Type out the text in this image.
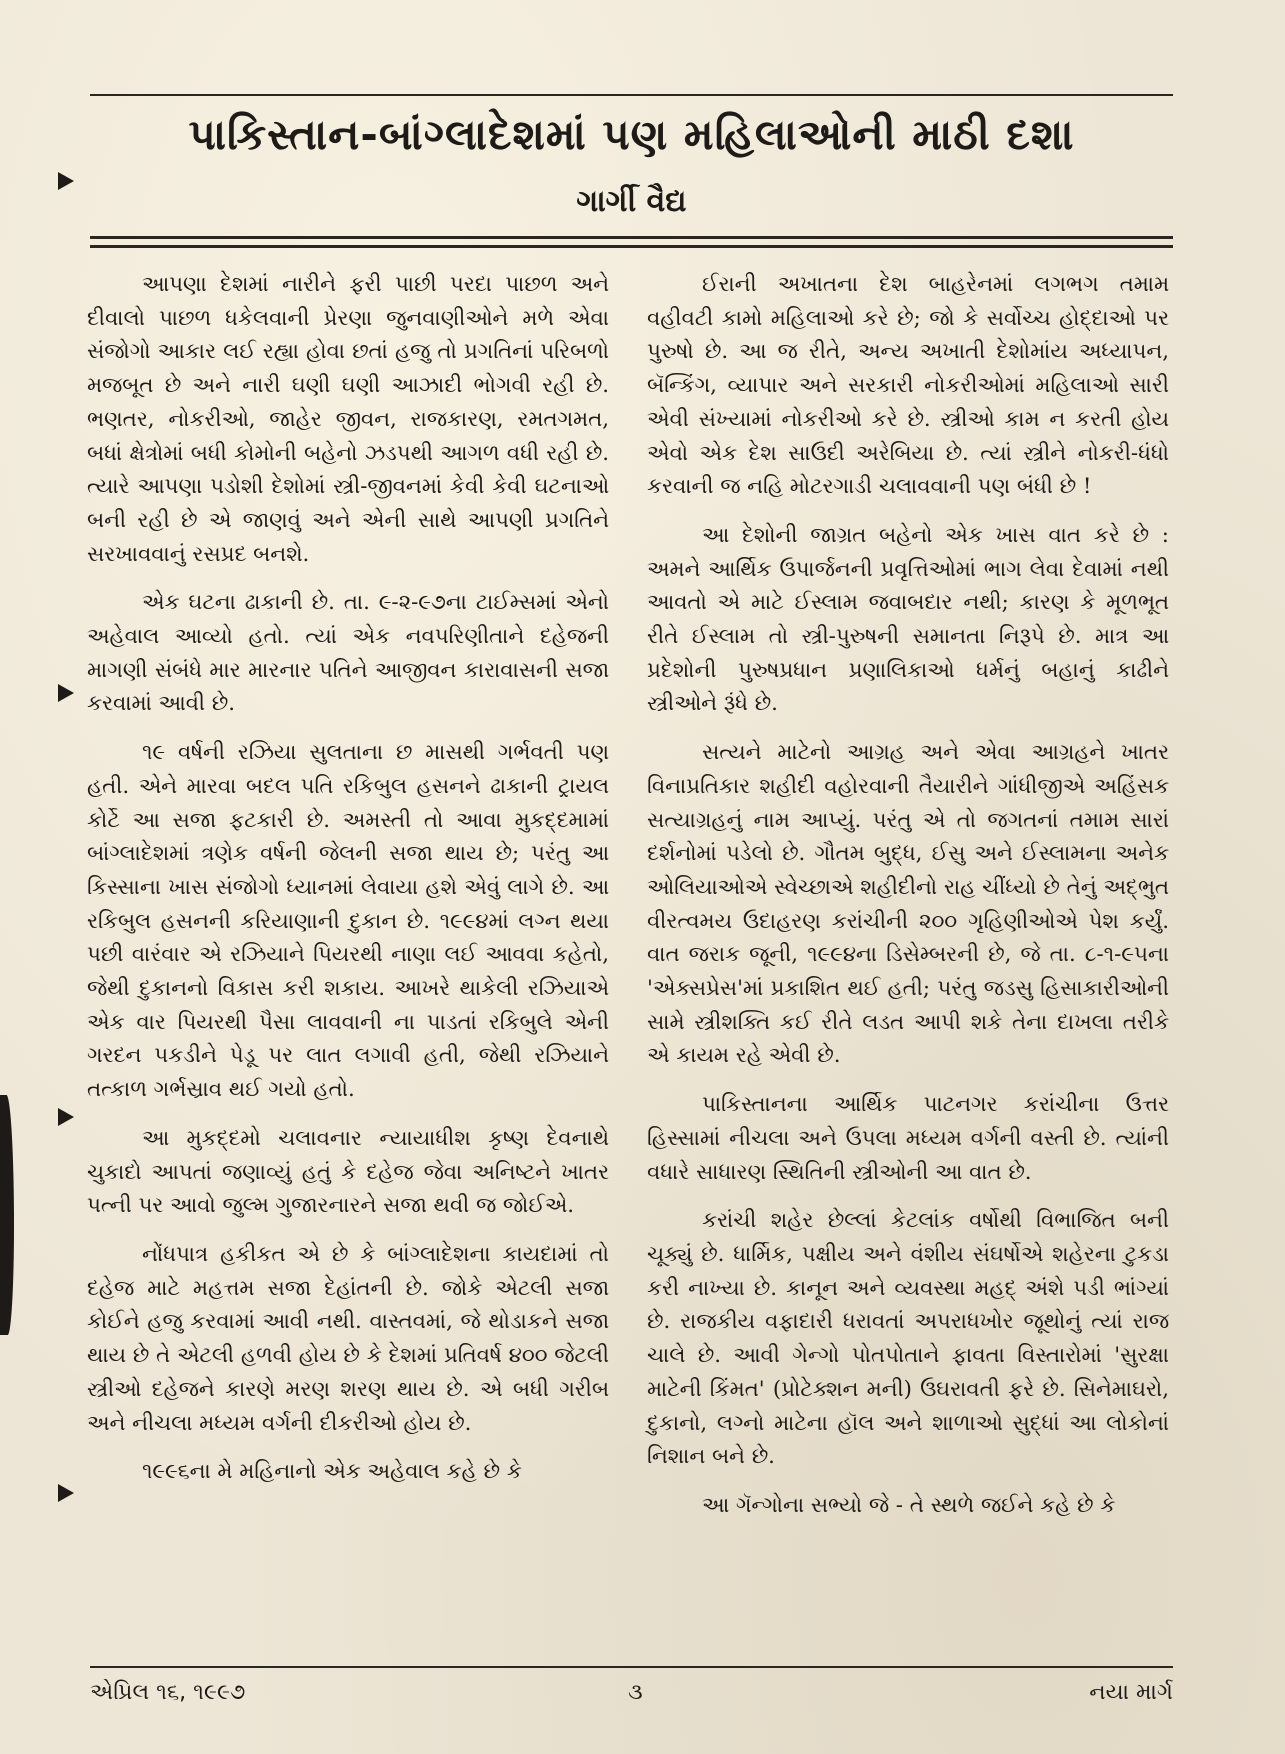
પાકિસ્તાન-બાંગ્લાદેશમાં પણ મહિલાઓની માઠી દશા
ગાર્ગી વૈદ્ય

આપણા દેશમાં નારીને ફરી પાછી પરદા પાછળ અને દીવાલો પાછળ ધકેલવાની પ્રેરણા જુનવાણીઓને મળે એવા સંજોગો આકાર લઈ રહ્યા હોવા છતાં હજુ તો પ્રગતિનાં પરિબળો મજબૂત છે અને નારી ઘણી ઘણી આઝાદી ભોગવી રહી છે. ભણતર, નોકરીઓ, જાહેર જીવન, રાજકારણ, રમતગમત, બધાં ક્ષેત્રોમાં બધી કોમોની બહેનો ઝડપથી આગળ વધી રહી છે. ત્યારે આપણા પડોશી દેશોમાં સ્ત્રી-જીવનમાં કેવી કેવી ઘટનાઓ બની રહી છે એ જાણવું અને એની સાથે આપણી પ્રગતિને સરખાવવાનું રસપ્રદ બનશે.

એક ઘટના ઢાકાની છે. તા. ૯-૨-૯૭ના ટાઈમ્સમાં એનો અહેવાલ આવ્યો હતો. ત્યાં એક નવપરિણીતાને દહેજની માગણી સંબંધે માર મારનાર પતિને આજીવન કારાવાસની સજા કરવામાં આવી છે.

૧૯ વર્ષની રઝિયા સુલતાના છ માસથી ગર્ભવતી પણ હતી. એને મારવા બદલ પતિ રકિબુલ હસનને ઢાકાની ટ્રાયલ કોર્ટે આ સજા ફટકારી છે. અમસ્તી તો આવા મુકદ્દમામાં બાંગ્લાદેશમાં ત્રણેક વર્ષની જેલની સજા થાય છે; પરંતુ આ કિસ્સાના ખાસ સંજોગો ધ્યાનમાં લેવાયા હશે એવું લાગે છે. આ રકિબુલ હસનની કરિયાણાની દુકાન છે. ૧૯૯૪માં લગ્ન થયા પછી વારંવાર એ રઝિયાને પિયરથી નાણા લઈ આવવા કહેતો, જેથી દુકાનનો વિકાસ કરી શકાય. આખરે થાકેલી રઝિયાએ એક વાર પિયરથી પૈસા લાવવાની ના પાડતાં રકિબુલે એની ગરદન પકડીને પેડૂ પર લાત લગાવી હતી, જેથી રઝિયાને તત્કાળ ગર્ભસ્રાવ થઈ ગયો હતો.

આ મુકદ્દમો ચલાવનાર ન્યાયાધીશ કૃષ્ણ દેવનાથે ચુકાદો આપતાં જણાવ્યું હતું કે દહેજ જેવા અનિષ્ટને ખાતર પત્ની પર આવો જુલ્મ ગુજારનારને સજા થવી જ જોઈએ.

નોંધપાત્ર હકીકત એ છે કે બાંગ્લાદેશના કાયદામાં તો દહેજ માટે મહત્તમ સજા દેહાંતની છે. જોકે એટલી સજા કોઈને હજુ કરવામાં આવી નથી. વાસ્તવમાં, જે થોડાકને સજા થાય છે તે એટલી હળવી હોય છે કે દેશમાં પ્રતિવર્ષ ૪૦૦ જેટલી સ્ત્રીઓ દહેજને કારણે મરણ શરણ થાય છે. એ બધી ગરીબ અને નીચલા મધ્યમ વર્ગની દીકરીઓ હોય છે.

૧૯૯૬ના મે મહિનાનો એક અહેવાલ કહે છે કે

ઈરાની અખાતના દેશ બાહરેનમાં લગભગ તમામ વહીવટી કામો મહિલાઓ કરે છે; જો કે સર્વોચ્ચ હોદ્દાઓ પર પુરુષો છે. આ જ રીતે, અન્ય અખાતી દેશોમાંય અધ્યાપન, બૅન્કિંગ, વ્યાપાર અને સરકારી નોકરીઓમાં મહિલાઓ સારી એવી સંખ્યામાં નોકરીઓ કરે છે. સ્ત્રીઓ કામ ન કરતી હોય એવો એક દેશ સાઉદી અરેબિયા છે. ત્યાં સ્ત્રીને નોકરી-ધંધો કરવાની જ નહિ મોટરગાડી ચલાવવાની પણ બંધી છે !

આ દેશોની જાગ્રત બહેનો એક ખાસ વાત કરે છે : અમને આર્થિક ઉપાર્જનની પ્રવૃત્તિઓમાં ભાગ લેવા દેવામાં નથી આવતો એ માટે ઈસ્લામ જવાબદાર નથી; કારણ કે મૂળભૂત રીતે ઈસ્લામ તો સ્ત્રી-પુરુષની સમાનતા નિરૂપે છે. માત્ર આ પ્રદેશોની પુરુષપ્રધાન પ્રણાલિકાઓ ધર્મનું બહાનું કાઢીને સ્ત્રીઓને રૂંધે છે.

સત્યને માટેનો આગ્રહ અને એવા આગ્રહને ખાતર વિનાપ્રતિકાર શહીદી વહોરવાની તૈયારીને ગાંધીજીએ અહિંસક સત્યાગ્રહનું નામ આપ્યું. પરંતુ એ તો જગતનાં તમામ સારાં દર્શનોમાં પડેલો છે. ગૌતમ બુદ્ધ, ઈસુ અને ઈસ્લામના અનેક ઓલિયાઓએ સ્વેચ્છાએ શહીદીનો રાહ ચીંધ્યો છે તેનું અદ્ભુત વીરત્વમય ઉદાહરણ કરાંચીની ૨૦૦ ગૃહિણીઓએ પેશ કર્યું. વાત જરાક જૂની, ૧૯૯૪ના ડિસેમ્બરની છે, જે તા. ૮-૧-૯૫ના 'એક્સપ્રેસ'માં પ્રકાશિત થઈ હતી; પરંતુ જડસુ હિસાકારીઓની સામે સ્ત્રીશક્તિ કઈ રીતે લડત આપી શકે તેના દાખલા તરીકે એ કાયમ રહે એવી છે.

પાકિસ્તાનના આર્થિક પાટનગર કરાંચીના ઉત્તર હિસ્સામાં નીચલા અને ઉપલા મધ્યમ વર્ગની વસ્તી છે. ત્યાંની વધારે સાધારણ સ્થિતિની સ્ત્રીઓની આ વાત છે.

કરાંચી શહેર છેલ્લાં કેટલાંક વર્ષોથી વિભાજિત બની ચૂક્યું છે. ધાર્મિક, પક્ષીય અને વંશીય સંઘર્ષોએ શહેરના ટુકડા કરી નાખ્યા છે. કાનૂન અને વ્યવસ્થા મહદ્ અંશે પડી ભાંગ્યાં છે. રાજકીય વફાદારી ધરાવતાં અપરાધખોર જૂથોનું ત્યાં રાજ ચાલે છે. આવી ગેન્ગો પોતપોતાને ફાવતા વિસ્તારોમાં 'સુરક્ષા માટેની કિંમત' (પ્રોટેક્શન મની) ઉઘરાવતી ફરે છે. સિનેમાઘરો, દુકાનો, લગ્નો માટેના હૉલ અને શાળાઓ સુદ્ધાં આ લોકોનાં નિશાન બને છે.

આ ગૅન્ગોના સભ્યો જે - તે સ્થળે જઈને કહે છે કે

એપ્રિલ ૧૬, ૧૯૯૭	૩	નયા માર્ગ
